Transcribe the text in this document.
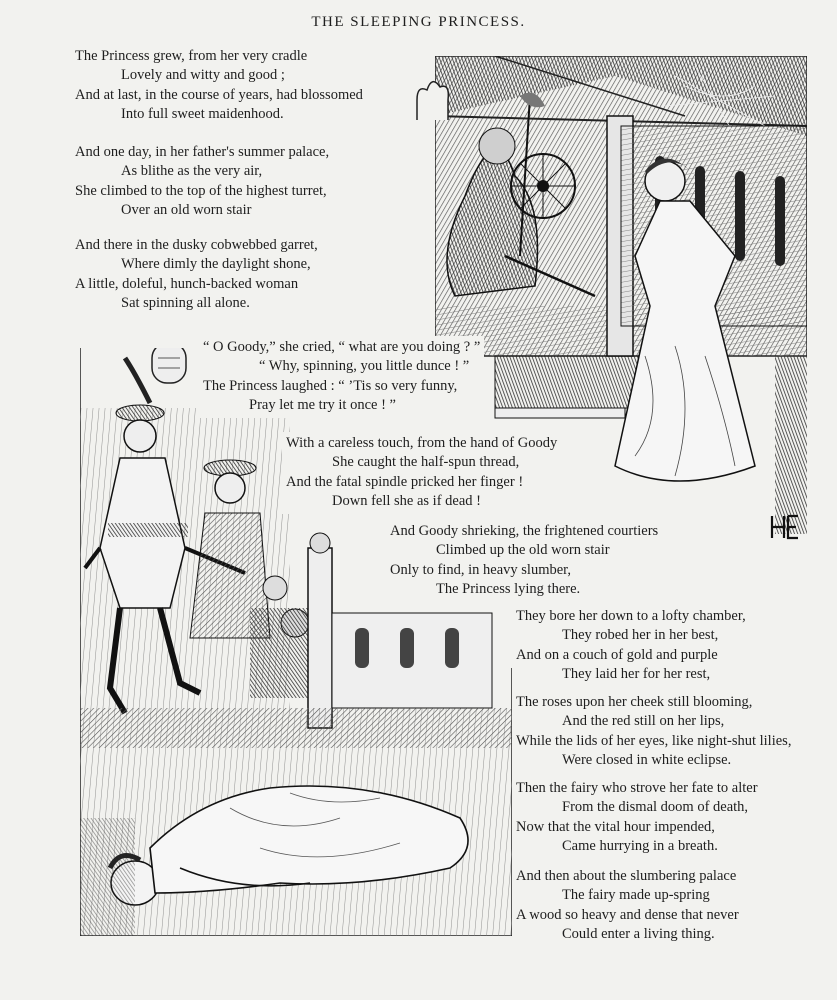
THE SLEEPING PRINCESS.
The Princess grew, from her very cradle
Lovely and witty and good ;
And at last, in the course of years, had blossomed
Into full sweet maidenhood.
And one day, in her father's summer palace,
As blithe as the very air,
She climbed to the top of the highest turret,
Over an old worn stair
And there in the dusky cobwebbed garret,
Where dimly the daylight shone,
A little, doleful, hunch-backed woman
Sat spinning all alone.
“ O Goody,” she cried, “ what are you doing ? ”
“ Why, spinning, you little dunce ! ”
The Princess laughed : “ ’Tis so very funny,
Pray let me try it once ! ”
With a careless touch, from the hand of Goody
She caught the half-spun thread,
And the fatal spindle pricked her finger !
Down fell she as if dead !
And Goody shrieking, the frightened courtiers
Climbed up the old worn stair
Only to find, in heavy slumber,
The Princess lying there.
They bore her down to a lofty chamber,
They robed her in her best,
And on a couch of gold and purple
They laid her for her rest,
The roses upon her cheek still blooming,
And the red still on her lips,
While the lids of her eyes, like night-shut lilies,
Were closed in white eclipse.
Then the fairy who strove her fate to alter
From the dismal doom of death,
Now that the vital hour impended,
Came hurrying in a breath.
And then about the slumbering palace
The fairy made up-spring
A wood so heavy and dense that never
Could enter a living thing.
